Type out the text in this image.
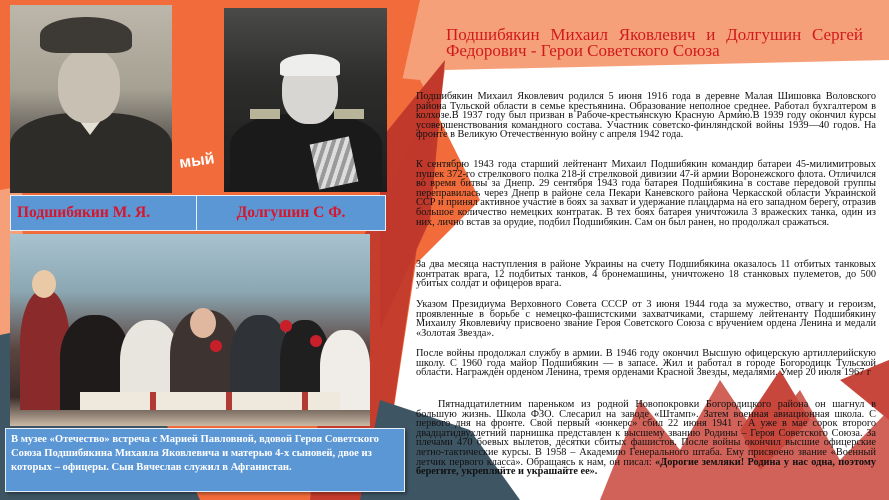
мый
Подшибякин М. Я.	Долгушин С Ф.
В музее «Отечество» встреча с Марией Павловной, вдовой Героя Советского Союза Подшибякина Михаила Яковлевича и матерью 4-х сыновей, двое из которых – офицеры. Сын Вячеслав служил в Афганистан.
Подшибякин Михаил Яковлевич и Долгушин Сергей Федорович - Герои Советского Союза

Подшибякин Михаил Яковлевич родился 5 июня 1916 года в деревне Малая Шишовка Воловского района Тульской области в семье крестьянина. Образование неполное среднее. Работал бухгалтером в колхозе.В 1937 году был призван в Рабоче-крестьянскую Красную Армию.В 1939 году окончил курсы усовершенствования командного состава. Участник советско-финляндской войны 1939—40 годов. На фронте в Великую Отечественную войну с апреля 1942 года.

К сентябрю 1943 года старший лейтенант Михаил Подшибякин командир батареи 45-милимитровых пушек 372-го стрелкового полка 218-й стрелковой дивизии 47-й армии Воронежского флота. Отличился во время битвы за Днепр. 29 сентября 1943 года батарея Подшибякина в составе передовой группы переправилась через Днепр в районе села Пекари Каневского района Черкасской области Украинской ССР и принял активное участие в боях за захват и удержание плацдарма на его западном берегу, отразив большое количество немецких контратак. В тех боях батарея уничтожила 3 вражеских танка, один из них, лично встав за орудие, подбил Подшибякин. Сам он был ранен, но продолжал сражаться.

За два месяца наступления в районе Украины на счету Подшибякина оказалось 11 отбитых танковых контратак врага, 12 подбитых танков, 4 бронемашины, уничтожено 18 станковых пулеметов, до 500 убитых солдат и офицеров врага.

Указом Президиума Верховного Совета СССР от 3 июня 1944 года за мужество, отвагу и героизм, проявленные в борьбе с немецко-фашистскими захватчиками, старшему лейтенанту Подшибякину Михаилу Яковлевичу присвоено звание Героя Советского Союза с вручением ордена Ленина и медали «Золотая Звезда».

После войны продолжал службу в армии. В 1946 году окончил Высшую офицерскую артиллерийскую школу. С 1960 года майор Подшибякин — в запасе. Жил и работал в городе Богородицк Тульской области. Награждён орденом Ленина, тремя орденами Красной Звезды, медалями. Умер 20 июля 1967 г

Пятнадцатилетним пареньком из родной Новопокровки Богородицкого района он шагнул в большую жизнь. Школа ФЗО. Слесарил на заводе «Штамп». Затем военная авиационная школа. С первого дня на фронте. Свой первый «юнкерс» сбил 22 июня 1941 г. А уже в мае сорок второго двадцатидвухлетний парнишка представлен к высшему званию Родины – Героя Советского Союза. За плечами 470 боевых вылетов, десятки сбитых фашистов. После войны окончил высшие офицерские летно-тактические курсы. В 1958 – Академию Генерального штаба. Ему присвоено звание «Военный летчик первого класса». Обращаясь к нам, он писал: «Дорогие земляки! Родина у нас одна, поэтому берегите, укрепляйте и украшайте ее».
